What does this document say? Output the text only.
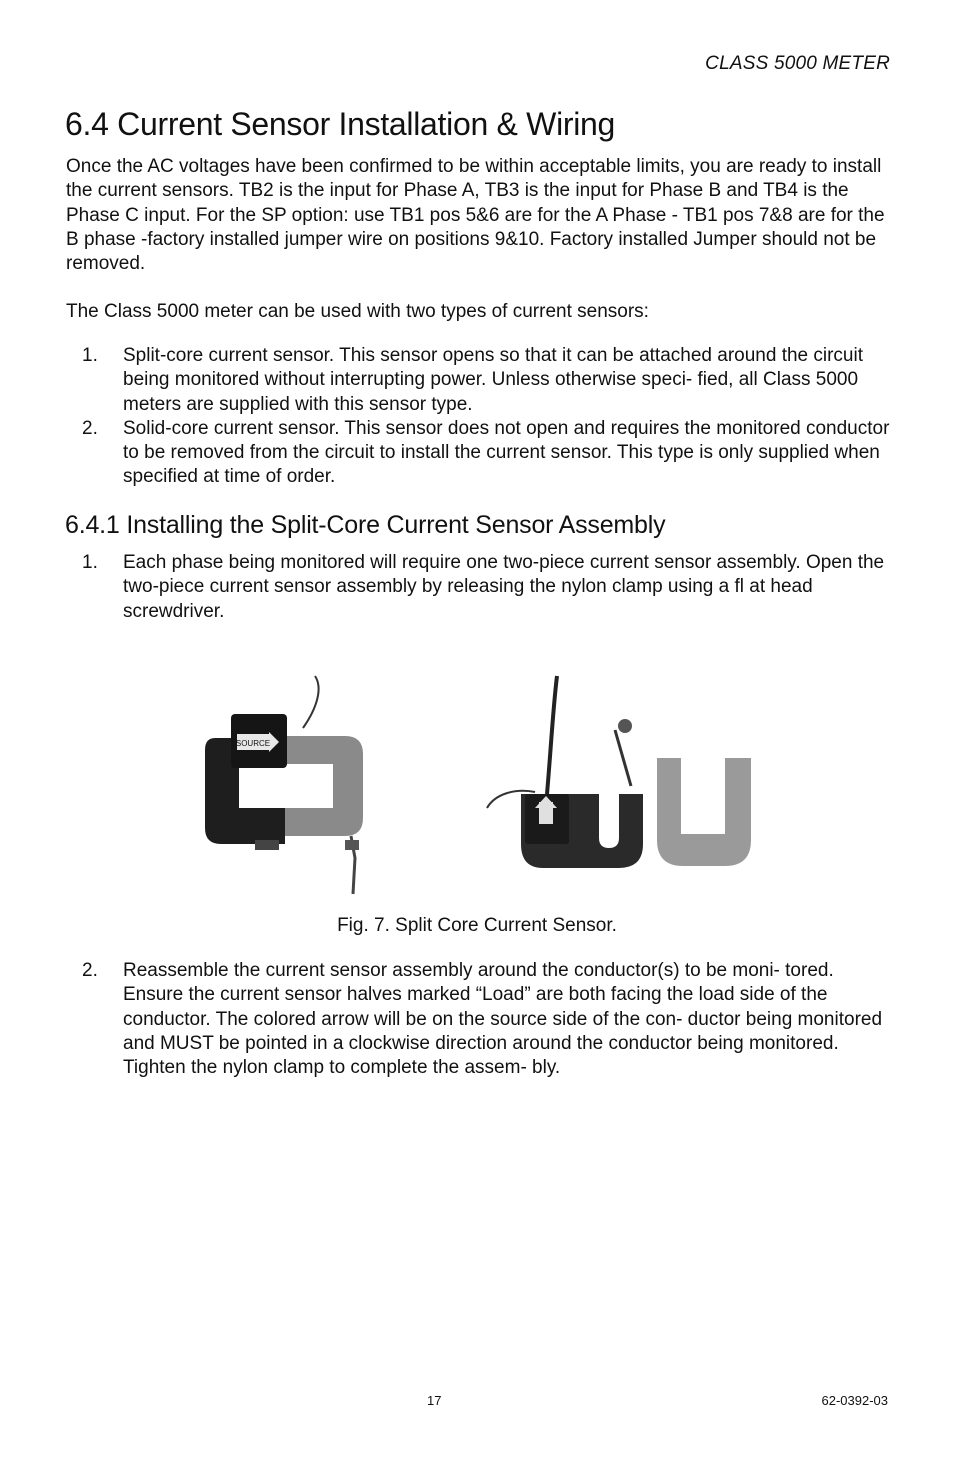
CLASS 5000 METER
6.4 Current Sensor Installation & Wiring

Once the AC voltages have been confirmed to be within acceptable limits, you are ready to install the current sensors. TB2 is the input for Phase A, TB3 is the input for Phase B and TB4 is the Phase C input. For the SP option: use TB1 pos 5&6 are for the A Phase - TB1 pos 7&8 are for the B phase -factory installed jumper wire on positions 9&10. Factory installed Jumper should not be removed.

The Class 5000 meter can be used with two types of current sensors:

1.	Split-core current sensor. This sensor opens so that it can be attached around the circuit being monitored without interrupting power. Unless otherwise speci- fied, all Class 5000 meters are supplied with this sensor type.
2.	Solid-core current sensor. This sensor does not open and requires the monitored conductor to be removed from the circuit to install the current sensor. This type is only supplied when specified at time of order.
6.4.1 Installing the Split-Core Current Sensor Assembly
1.	Each phase being monitored will require one two-piece current sensor assembly. Open the two-piece current sensor assembly by releasing the nylon clamp using a fl at head screwdriver.
SOURCE
Fig. 7. Split Core Current Sensor.
2.	Reassemble the current sensor assembly around the conductor(s) to be moni- tored. Ensure the current sensor halves marked “Load” are both facing the load side of the conductor. The colored arrow will be on the source side of the con- ductor being monitored and MUST be pointed in a clockwise direction around the conductor being monitored. Tighten the nylon clamp to complete the assem- bly.
17	62-0392-03
